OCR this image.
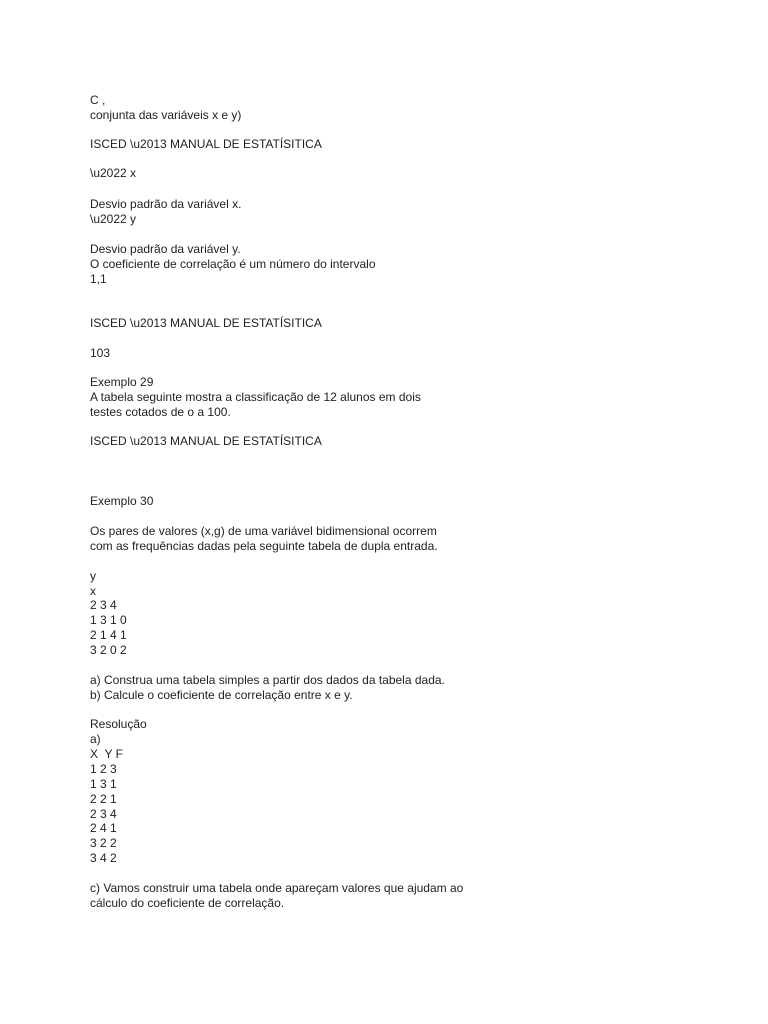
C ,

conjunta das variáveis x e y)

ISCED \u2013 MANUAL DE ESTATÍSITICA

\u2022 x

Desvio padrão da variável x.

\u2022 y

Desvio padrão da variável y.

O coeficiente de correlação é um número do intervalo

1,1

ISCED \u2013 MANUAL DE ESTATÍSITICA

103

Exemplo 29

A tabela seguinte mostra a classificação de 12 alunos em dois

testes cotados de o a 100.

ISCED \u2013 MANUAL DE ESTATÍSITICA

Exemplo 30

Os pares de valores (x,g) de uma variável bidimensional ocorrem

com as frequências dadas pela seguinte tabela de dupla entrada.

y

x

2 3 4

1 3 1 0

2 1 4 1

3 2 0 2

a) Construa uma tabela simples a partir dos dados da tabela dada.

b) Calcule o coeficiente de correlação entre x e y.

Resolução

a)

X  Y F

1 2 3

1 3 1

2 2 1

2 3 4

2 4 1

3 2 2

3 4 2

c) Vamos construir uma tabela onde apareçam valores que ajudam ao

cálculo do coeficiente de correlação.
